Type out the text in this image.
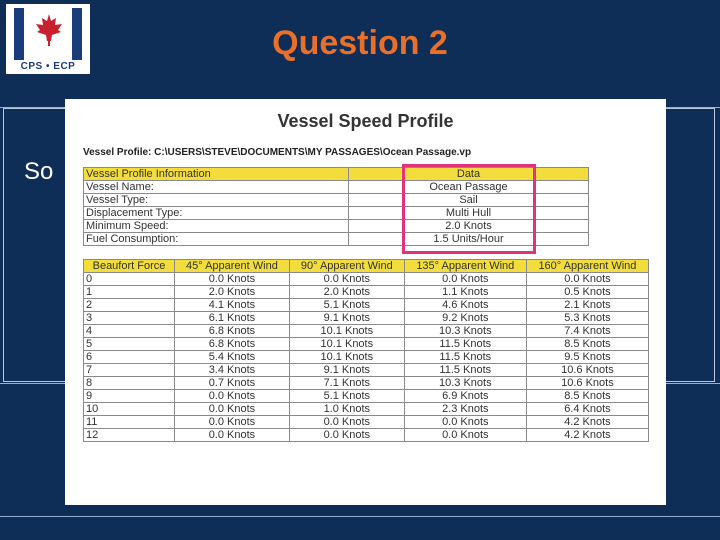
CPS • ECP
Question 2
So
Vessel Speed Profile
Vessel Profile: C:\USERS\STEVE\DOCUMENTS\MY PASSAGES\Ocean Passage.vp
Vessel Profile Information	Data
Vessel Name:	Ocean Passage
Vessel Type:	Sail
Displacement Type:	Multi Hull
Minimum Speed:	2.0 Knots
Fuel Consumption:	1.5 Units/Hour
Beaufort Force	45° Apparent Wind	90° Apparent Wind	135° Apparent Wind	160° Apparent Wind
0	0.0 Knots	0.0 Knots	0.0 Knots	0.0 Knots
1	2.0 Knots	2.0 Knots	1.1 Knots	0.5 Knots
2	4.1 Knots	5.1 Knots	4.6 Knots	2.1 Knots
3	6.1 Knots	9.1 Knots	9.2 Knots	5.3 Knots
4	6.8 Knots	10.1 Knots	10.3 Knots	7.4 Knots
5	6.8 Knots	10.1 Knots	11.5 Knots	8.5 Knots
6	5.4 Knots	10.1 Knots	11.5 Knots	9.5 Knots
7	3.4 Knots	9.1 Knots	11.5 Knots	10.6 Knots
8	0.7 Knots	7.1 Knots	10.3 Knots	10.6 Knots
9	0.0 Knots	5.1 Knots	6.9 Knots	8.5 Knots
10	0.0 Knots	1.0 Knots	2.3 Knots	6.4 Knots
11	0.0 Knots	0.0 Knots	0.0 Knots	4.2 Knots
12	0.0 Knots	0.0 Knots	0.0 Knots	4.2 Knots
